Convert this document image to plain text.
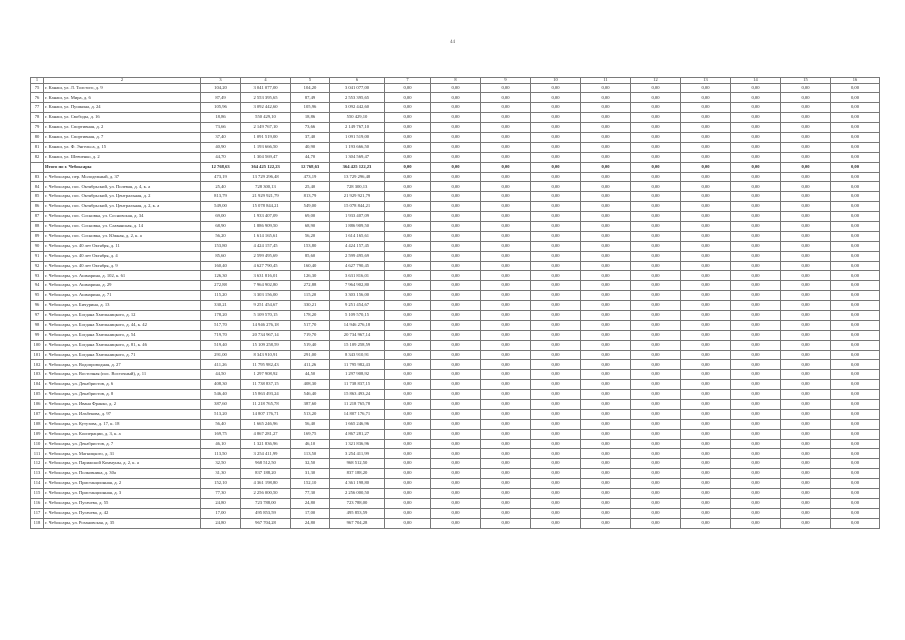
44
1	2	3	4	5	6	7	8	9	10	11	12	13	14	15	16
75	г. Канаш, ул. Л. Толстого, д. 9	104,20	3 041 077,00	104,20	3 041 077,00	0,00	0,00	0,00	0,00	0,00	0,00	0,00	0,00	0,00	0,00
76	г. Канаш, ул. Мира, д. 6	87,49	2 553 395,65	87,49	2 553 395,65	0,00	0,00	0,00	0,00	0,00	0,00	0,00	0,00	0,00	0,00
77	г. Канаш, ул. Пушкина, д. 24	105,96	3 092 442,60	105,96	3 092 442,60	0,00	0,00	0,00	0,00	0,00	0,00	0,00	0,00	0,00	0,00
78	г. Канаш, ул. Свободы, д. 16	18,86	550 429,10	18,86	550 429,10	0,00	0,00	0,00	0,00	0,00	0,00	0,00	0,00	0,00	0,00
79	г. Канаш, ул. Спортивная, д. 2	73,66	2 149 767,10	73,66	2 149 767,10	0,00	0,00	0,00	0,00	0,00	0,00	0,00	0,00	0,00	0,00
80	г. Канаш, ул. Спортивная, д. 7	37,40	1 091 519,00	37,40	1 091 519,00	0,00	0,00	0,00	0,00	0,00	0,00	0,00	0,00	0,00	0,00
81	г. Канаш, ул. Ф. Энгельса, д. 15	40,90	1 193 666,50	40,90	1 193 666,50	0,00	0,00	0,00	0,00	0,00	0,00	0,00	0,00	0,00	0,00
82	г. Канаш, ул. Шевченко, д. 2	44,70	1 304 569,47	44,70	1 304 569,47	0,00	0,00	0,00	0,00	0,00	0,00	0,00	0,00	0,00	0,00
	Итого по г. Чебоксары	12 768,63	364 425 122,23	12 768,63	364 425 122,23	0,00	0,00	0,00	0,00	0,00	0,00	0,00	0,00	0,00	0,00
83	г. Чебоксары, пер. Молодежный, д. 37	473,19	13 729 296,48	473,19	13 729 296,48	0,00	0,00	0,00	0,00	0,00	0,00	0,00	0,00	0,00	0,00
84	г. Чебоксары, пос. Октябрьский, ул. Полевая, д. 4, к. а	25,40	728 300,13	25,40	728 300,13	0,00	0,00	0,00	0,00	0,00	0,00	0,00	0,00	0,00	0,00
85	г. Чебоксары, пос. Октябрьский, ул. Центральная, д. 2	813,79	21 929 921,79	813,79	21 929 921,79	0,00	0,00	0,00	0,00	0,00	0,00	0,00	0,00	0,00	0,00
86	г. Чебоксары, пос. Октябрьский, ул. Центральная, д. 2, к. а	549,00	15 078 844,21	549,00	15 078 844,21	0,00	0,00	0,00	0,00	0,00	0,00	0,00	0,00	0,00	0,00
87	г. Чебоксары, пос. Сосновка, ул. Сосновская, д. 34	69,00	1 933 407,09	69,00	1 933 407,09	0,00	0,00	0,00	0,00	0,00	0,00	0,00	0,00	0,00	0,00
88	г. Чебоксары, пос. Сосновка, ул. Славянская, д. 14	68,90	1 886 909,50	68,90	1 886 909,50	0,00	0,00	0,00	0,00	0,00	0,00	0,00	0,00	0,00	0,00
89	г. Чебоксары, пос. Сосновка, ул. Южная, д. 2, к. а	56,20	1 614 165,61	56,20	1 614 165,61	0,00	0,00	0,00	0,00	0,00	0,00	0,00	0,00	0,00	0,00
90	г. Чебоксары, ул. 40 лет Октября, д. 11	153,80	4 424 157,45	153,80	4 424 157,45	0,00	0,00	0,00	0,00	0,00	0,00	0,00	0,00	0,00	0,00
91	г. Чебоксары, ул. 40 лет Октября, д. 4	85,60	2 599 495,69	85,60	2 599 495,69	0,00	0,00	0,00	0,00	0,00	0,00	0,00	0,00	0,00	0,00
92	г. Чебоксары, ул. 40 лет Октября, д. 9	160,40	4 627 790,45	160,40	4 627 790,45	0,00	0,00	0,00	0,00	0,00	0,00	0,00	0,00	0,00	0,00
93	г. Чебоксары, ул. Ашмарина, д. 102, к. 61	126,30	3 631 816,01	126,30	3 631 816,01	0,00	0,00	0,00	0,00	0,00	0,00	0,00	0,00	0,00	0,00
94	г. Чебоксары, ул. Ашмарина, д. 29	272,88	7 964 902,80	272,88	7 964 902,80	0,00	0,00	0,00	0,00	0,00	0,00	0,00	0,00	0,00	0,00
95	г. Чебоксары, ул. Ашмарина, д. 71	115,20	3 303 156,00	115,20	3 303 156,00	0,00	0,00	0,00	0,00	0,00	0,00	0,00	0,00	0,00	0,00
96	г. Чебоксары, ул. Бичурина, д. 13	330,21	9 251 454,67	330,21	9 251 454,67	0,00	0,00	0,00	0,00	0,00	0,00	0,00	0,00	0,00	0,00
97	г. Чебоксары, ул. Богдана Хмельницкого, д. 12	178,20	5 109 570,15	178,20	5 109 570,15	0,00	0,00	0,00	0,00	0,00	0,00	0,00	0,00	0,00	0,00
98	г. Чебоксары, ул. Богдана Хмельницкого, д. 44, к. 42	517,70	14 946 276,18	517,70	14 946 276,18	0,00	0,00	0,00	0,00	0,00	0,00	0,00	0,00	0,00	0,00
99	г. Чебоксары, ул. Богдана Хмельницкого, д. 54	719,70	20 734 967,14	719,70	20 734 967,14	0,00	0,00	0,00	0,00	0,00	0,00	0,00	0,00	0,00	0,00
100	г. Чебоксары, ул. Богдана Хмельницкого, д. 81, к. 46	519,40	15 109 258,59	519,40	15 109 258,59	0,00	0,00	0,00	0,00	0,00	0,00	0,00	0,00	0,00	0,00
101	г. Чебоксары, ул. Богдана Хмельницкого, д. 71	291,00	8 343 910,91	291,00	8 343 910,91	0,00	0,00	0,00	0,00	0,00	0,00	0,00	0,00	0,00	0,00
102	г. Чебоксары, ул. Водопроводная, д. 27	411,26	11 795 982,43	411,26	11 795 982,43	0,00	0,00	0,00	0,00	0,00	0,00	0,00	0,00	0,00	0,00
103	г. Чебоксары, ул. Восточная (пос. Восточный), д. 11	44,50	1 297 908,92	44,50	1 297 908,92	0,00	0,00	0,00	0,00	0,00	0,00	0,00	0,00	0,00	0,00
104	г. Чебоксары, ул. Декабристов, д. 6	408,30	11 738 837,15	408,30	11 738 837,15	0,00	0,00	0,00	0,00	0,00	0,00	0,00	0,00	0,00	0,00
105	г. Чебоксары, ул. Декабристов, д. 8	546,40	15 863 493,24	546,40	15 863 493,24	0,00	0,00	0,00	0,00	0,00	0,00	0,00	0,00	0,00	0,00
106	г. Чебоксары, ул. Ивана Франко, д. 2	387,60	11 218 765,78	387,60	11 218 765,78	0,00	0,00	0,00	0,00	0,00	0,00	0,00	0,00	0,00	0,00
107	г. Чебоксары, ул. Ильбекова, д. 97	513,20	14 807 176,71	513,20	14 807 176,71	0,00	0,00	0,00	0,00	0,00	0,00	0,00	0,00	0,00	0,00
108	г. Чебоксары, ул. Кутузова, д. 17, к. 18	56,40	1 665 246,96	56,40	1 665 246,96	0,00	0,00	0,00	0,00	0,00	0,00	0,00	0,00	0,00	0,00
109	г. Чебоксары, ул. Кооперации, д. 3, к. а	169,75	4 867 281,27	169,75	4 867 281,27	0,00	0,00	0,00	0,00	0,00	0,00	0,00	0,00	0,00	0,00
110	г. Чебоксары, ул. Декабристов, д. 7	46,10	1 321 836,96	46,10	1 321 836,96	0,00	0,00	0,00	0,00	0,00	0,00	0,00	0,00	0,00	0,00
111	г. Чебоксары, ул. Магницкого, д. 31	113,50	3 254 411,99	113,50	3 254 411,99	0,00	0,00	0,00	0,00	0,00	0,00	0,00	0,00	0,00	0,00
112	г. Чебоксары, ул. Парижской Коммуны, д. 2, к. а	32,50	968 512,50	32,50	968 512,50	0,00	0,00	0,00	0,00	0,00	0,00	0,00	0,00	0,00	0,00
113	г. Чебоксары, ул. Полковника, д. 30а	31,30	837 188,20	31,30	837 188,20	0,00	0,00	0,00	0,00	0,00	0,00	0,00	0,00	0,00	0,00
114	г. Чебоксары, ул. Пристанционная, д. 2	152,10	4 361 198,80	152,10	4 361 198,80	0,00	0,00	0,00	0,00	0,00	0,00	0,00	0,00	0,00	0,00
115	г. Чебоксары, ул. Пристанционная, д. 3	77,30	2 256 000,50	77,30	2 256 000,50	0,00	0,00	0,00	0,00	0,00	0,00	0,00	0,00	0,00	0,00
116	г. Чебоксары, ул. Пугачева, д. 55	24,80	723 788,00	24,80	723 788,00	0,00	0,00	0,00	0,00	0,00	0,00	0,00	0,00	0,00	0,00
117	г. Чебоксары, ул. Пугачева, д. 42	17,00	495 853,59	17,00	495 853,59	0,00	0,00	0,00	0,00	0,00	0,00	0,00	0,00	0,00	0,00
118	г. Чебоксары, ул. Розановская, д. 35	24,80	967 704,28	24,80	967 704,28	0,00	0,00	0,00	0,00	0,00	0,00	0,00	0,00	0,00	0,00
